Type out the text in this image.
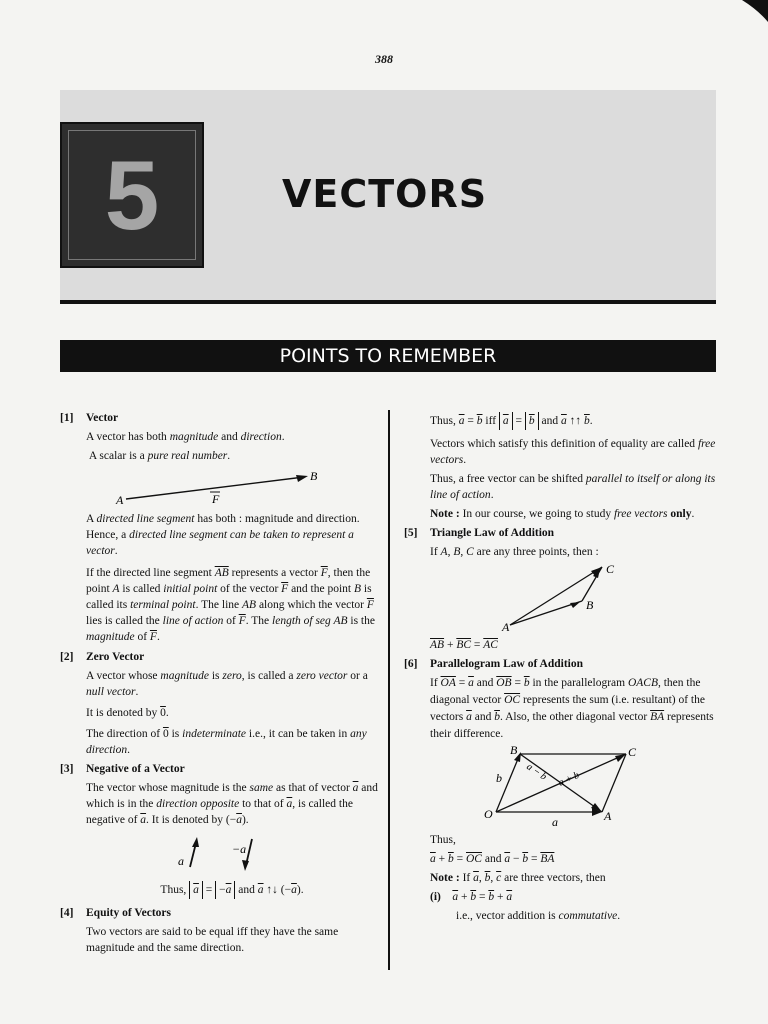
388
5	VECTORS
POINTS TO REMEMBER

[1] Vector

A vector has both magnitude and direction.

A scalar is a pure real number.

A
B
F

A directed line segment has both : magnitude and direction. Hence, a directed line segment can be taken to represent a vector.

If the directed line segment $\overline{AB}$ represents a vector $\overline{F}$, then the point A is called initial point of the vector $\overline{F}$ and the point B is called its terminal point. The line AB along which the vector $\overline{F}$ lies is called the line of action of $\overline{F}$. The length of seg AB is the magnitude of $\overline{F}$.

[2] Zero Vector

A vector whose magnitude is zero, is called a zero vector or a null vector.

It is denoted by 0.

The direction of 0 is indeterminate i.e., it can be taken in any direction.

[3] Negative of a Vector

The vector whose magnitude is the same as that of vector $\overline{a}$ and which is in the direction opposite to that of $\overline{a}$, is called the negative of $\overline{a}$. It is denoted by $(-\overline{a})$.

a
−a

Thus, $\overline{a} = -\overline{a}$ and $\overline{a}$ ↑↓ $(-\overline{a})$.

[4] Equity of Vectors

Two vectors are said to be equal iff they have the same magnitude and the same direction.

Thus, $\overline{a} = \overline{b}$ iff $\overline{a} = \overline{b}$ and $\overline{a}$ ↑↑ $\overline{b}$.

Vectors which satisfy this definition of equality are called free vectors.

Thus, a free vector can be shifted parallel to itself or along its line of action.

Note : In our course, we going to study free vectors only.

[5] Triangle Law of Addition

If A, B, C are any three points, then :

A
B
C

$\overline{AB} + \overline{BC} = \overline{AC}$

[6] Parallelogram Law of Addition

If $\overline{OA} = \overline{a}$ and $\overline{OB} = \overline{b}$ in the parallelogram OACB, then the diagonal vector $\overline{OC}$ represents the sum (i.e. resultant) of the vectors $\overline{a}$ and $\overline{b}$. Also, the other diagonal vector $\overline{BA}$ represents their difference.

O	A
B	C
a
b	a + b
a − b

Thus,

$\overline{a} + \overline{b} = \overline{OC}$ and $\overline{a} - \overline{b} = \overline{BA}$

Note : If $\overline{a}$, $\overline{b}$, $\overline{c}$ are three vectors, then

(i) $\overline{a} + \overline{b} = \overline{b} + \overline{a}$

i.e., vector addition is commutative.
